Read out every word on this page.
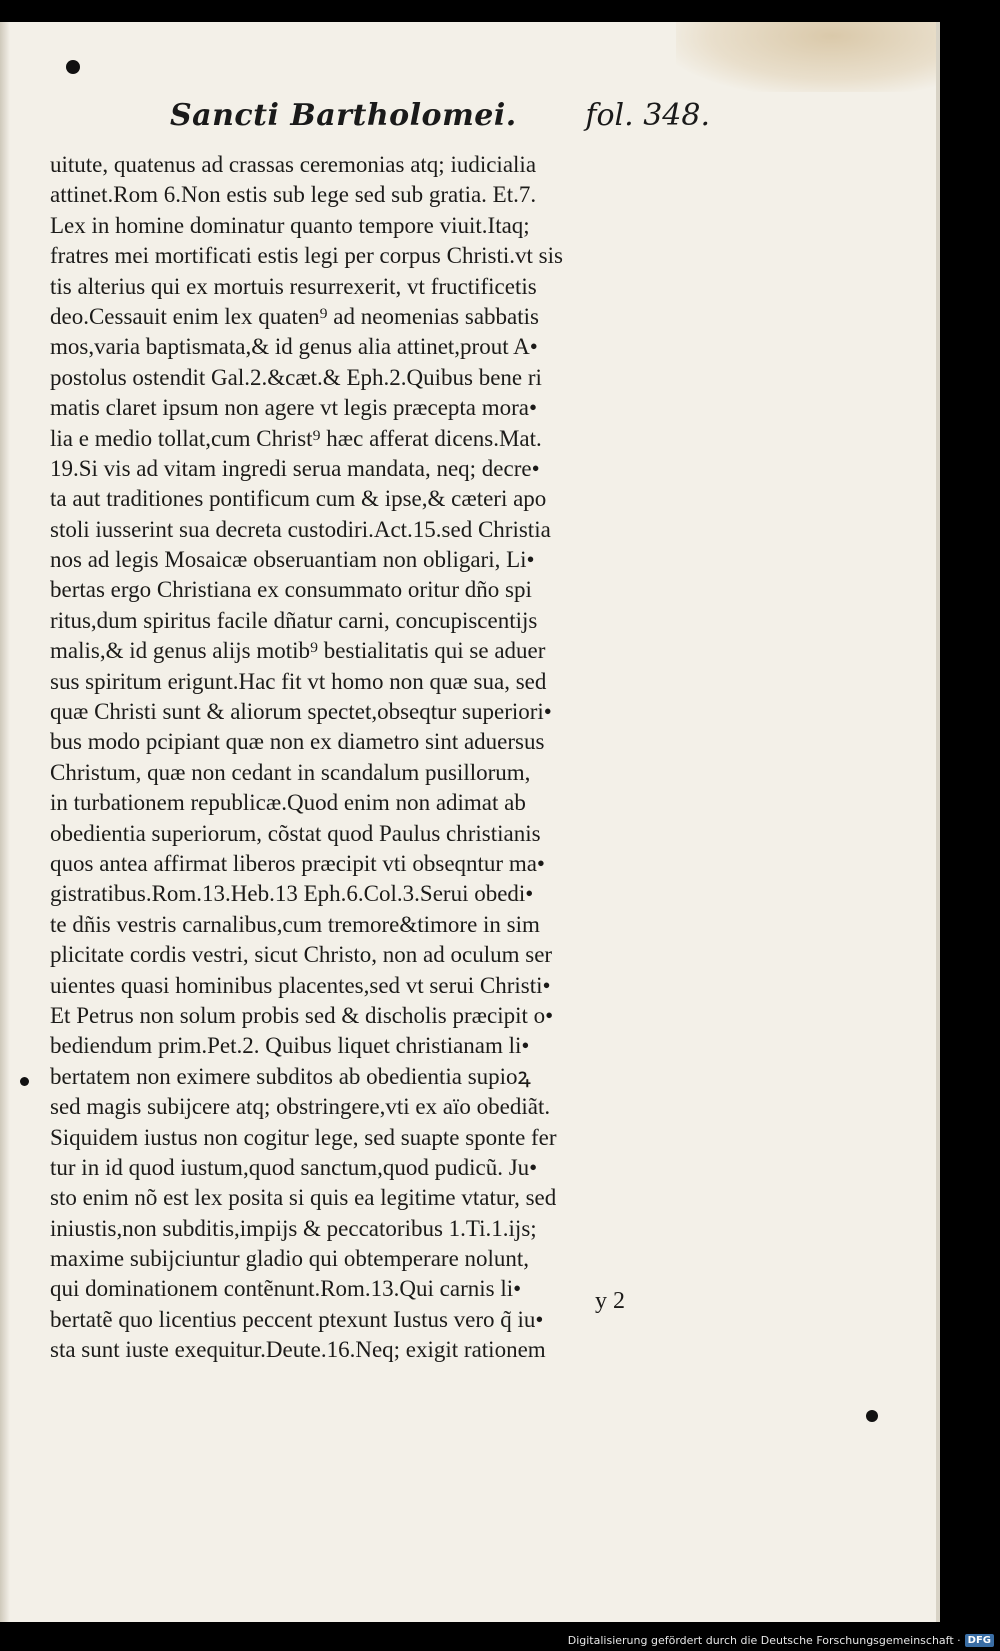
Sancti Bartholomei. fol. 348.
uitute, quatenus ad crassas ceremonias atq; iudicialia
attinet.Rom 6.Non estis sub lege sed sub gratia. Et.7.
Lex in homine dominatur quanto tempore viuit.Itaq;
fratres mei mortificati estis legi per corpus Christi.vt sis
tis alterius qui ex mortuis resurrexerit, vt fructificetis
deo.Cessauit enim lex quaten⁹ ad neomenias sabbatis
mos,varia baptismata,& id genus alia attinet,prout A•
postolus ostendit Gal.2.&cæt.& Eph.2.Quibus bene ri
matis claret ipsum non agere vt legis præcepta mora•
lia e medio tollat,cum Christ⁹ hæc afferat dicens.Mat.
19.Si vis ad vitam ingredi serua mandata, neq; decre•
ta aut traditiones pontificum cum & ipse,& cæteri apo
stoli iusserint sua decreta custodiri.Act.15.sed Christia
nos ad legis Mosaicæ obseruantiam non obligari, Li•
bertas ergo Christiana ex consummato oritur dño spi
ritus,dum spiritus facile dñatur carni, concupiscentijs
malis,& id genus alijs motib⁹ bestialitatis qui se aduer
sus spiritum erigunt.Hac fit vt homo non quæ sua, sed
quæ Christi sunt & aliorum spectet,obseqtur superiori•
bus modo pcipiant quæ non ex diametro sint aduersus
Christum, quæ non cedant in scandalum pusillorum,
in turbationem republicæ.Quod enim non adimat ab
obedientia superiorum, cõstat quod Paulus christianis
quos antea affirmat liberos præcipit vti obseqntur ma•
gistratibus.Rom.13.Heb.13 Eph.6.Col.3.Serui obedi•
te dñis vestris carnalibus,cum tremore&timore in sim
plicitate cordis vestri, sicut Christo, non ad oculum ser
uientes quasi hominibus placentes,sed vt serui Christi•
Et Petrus non solum probis sed & discholis præcipit o•
bediendum prim.Pet.2. Quibus liquet christianam li•
bertatem non eximere subditos ab obedientia supioꝝ
sed magis subijcere atq; obstringere,vti ex aïo obediãt.
Siquidem iustus non cogitur lege, sed suapte sponte fer
tur in id quod iustum,quod sanctum,quod pudicũ. Ju•
sto enim nõ est lex posita si quis ea legitime vtatur, sed
iniustis,non subditis,impijs & peccatoribus 1.Ti.1.ijs;
maxime subijciuntur gladio qui obtemperare nolunt,
qui dominationem contẽnunt.Rom.13.Qui carnis li•
bertatẽ quo licentius peccent ptexunt Iustus vero q̃ iu•
sta sunt iuste exequitur.Deute.16.Neq; exigit rationem
y 2
Digitalisierung gefördert durch die Deutsche Forschungsgemeinschaft · DFG
